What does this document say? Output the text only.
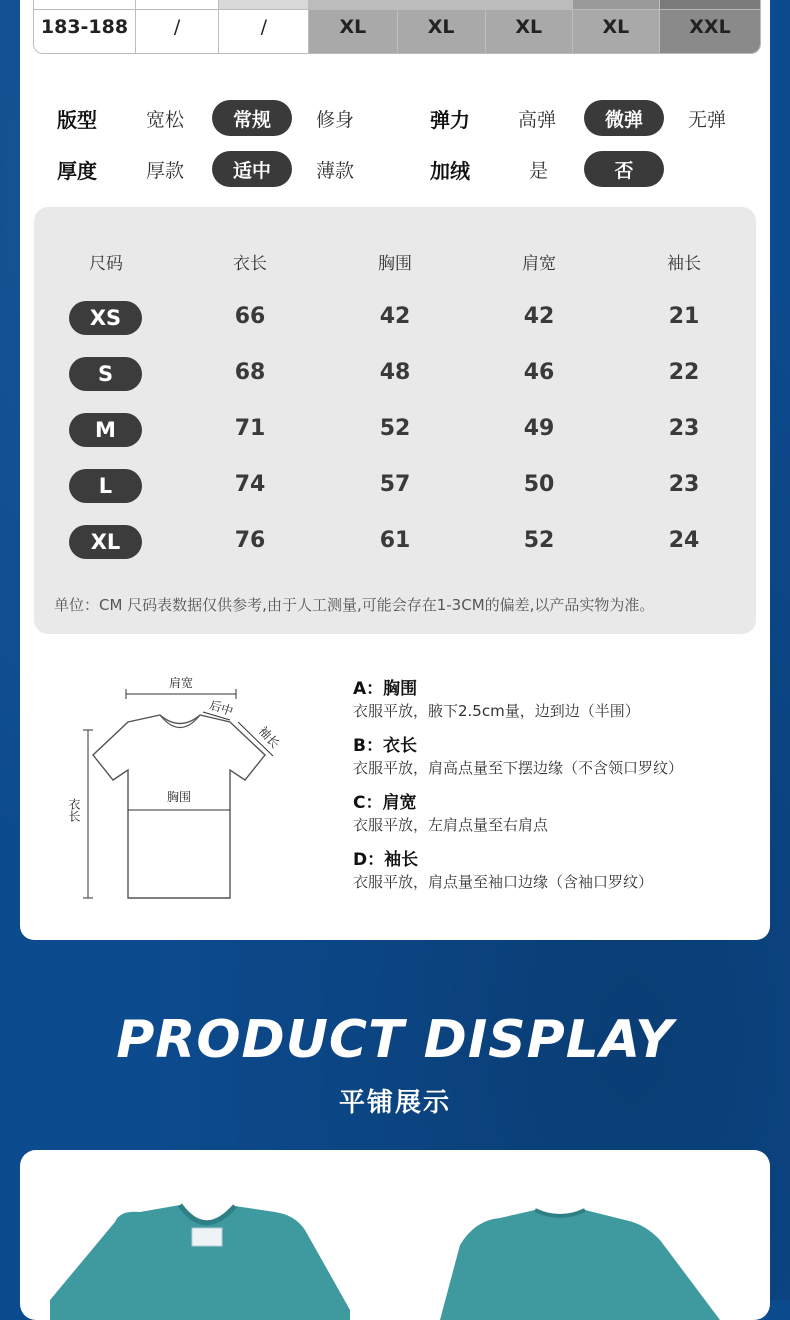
183-188 /	/	XL	XL	XL	XL	XXL
版型	宽松	常规	修身	弹力	高弹	微弹	无弹
厚度	厚款	适中	薄款	加绒	是	否
尺码	衣长	胸围	肩宽	袖长
XS	66	42	42	21
S	68	48	46	22
M	71	52	49	23
L	74	57	50	23
XL	76	61	52	24
单位：CM 尺码表数据仅供参考,由于人工测量,可能会存在1-3CM的偏差,以产品实物为准。
肩宽
后中
袖长
胸围
衣长

A：胸围

衣服平放，腋下2.5cm量，边到边（半围）

B：衣长

衣服平放，肩高点量至下摆边缘（不含领口罗纹）

C：肩宽

衣服平放，左肩点量至右肩点

D：袖长

衣服平放，肩点量至袖口边缘（含袖口罗纹）

PRODUCT DISPLAY
平铺展示
